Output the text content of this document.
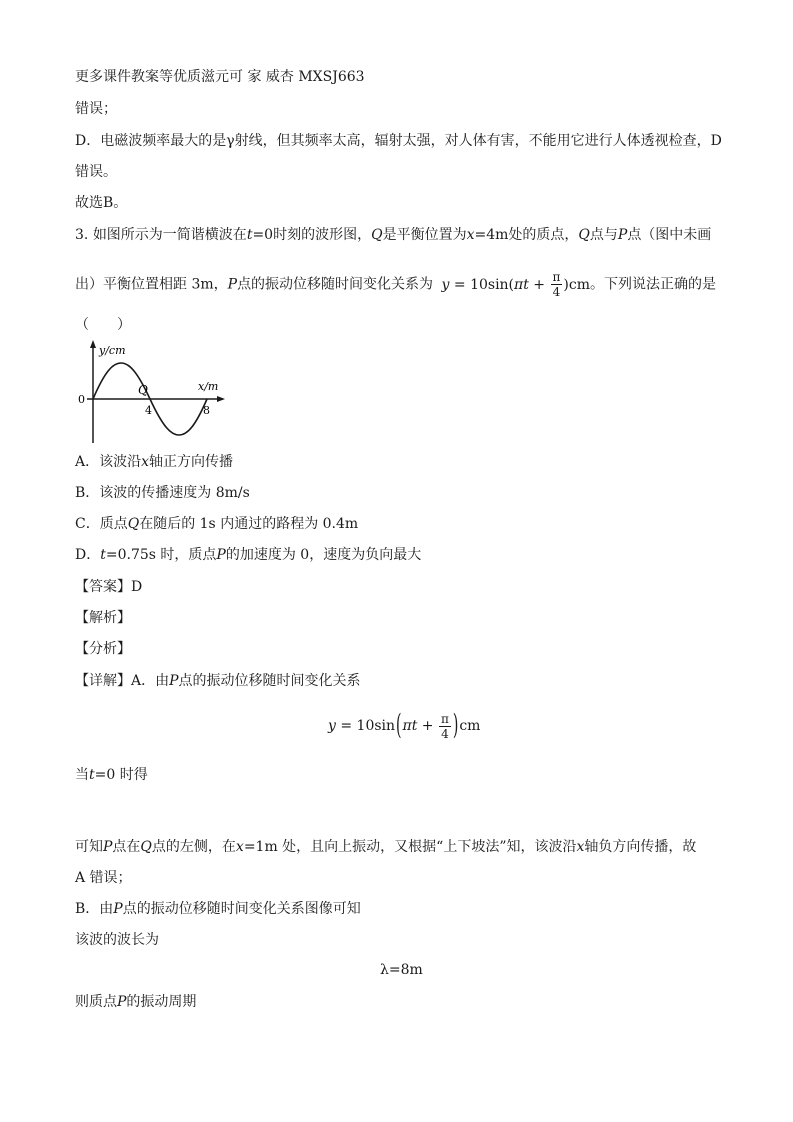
更多课件教案等优质滋元可 家 威杏 MXSJ663
错误；
D．电磁波频率最大的是γ射线，但其频率太高，辐射太强，对人体有害，不能用它进行人体透视检查，D
错误。
故选B。
3. 如图所示为一简谐横波在t=0时刻的波形图，Q是平衡位置为x=4m处的质点，Q点与P点（图中未画
出）平衡位置相距 3m，P点的振动位移随时间变化关系为 $y = 10\sin(\pi t + \frac{\pi}{4} )cm$。下列说法正确的是
（　　）
y/cm
x/m
0
4	8
Q
A．该波沿x轴正方向传播
B．该波的传播速度为 8m/s
C．质点Q在随后的 1s 内通过的路程为 0.4m
D．t=0.75s 时，质点P的加速度为 0，速度为负向最大
【答案】D
【解析】
【分析】
【详解】A．由P点的振动位移随时间变化关系
$y = 10\sin(\pi t + \frac{\pi}{4} )cm$
当t=0 时得
可知P点在Q点的左侧，在x=1m 处，且向上振动，又根据“上下坡法”知，该波沿x轴负方向传播，故
A 错误；
B．由P点的振动位移随时间变化关系图像可知
该波的波长为
λ=8m
则质点P的振动周期
